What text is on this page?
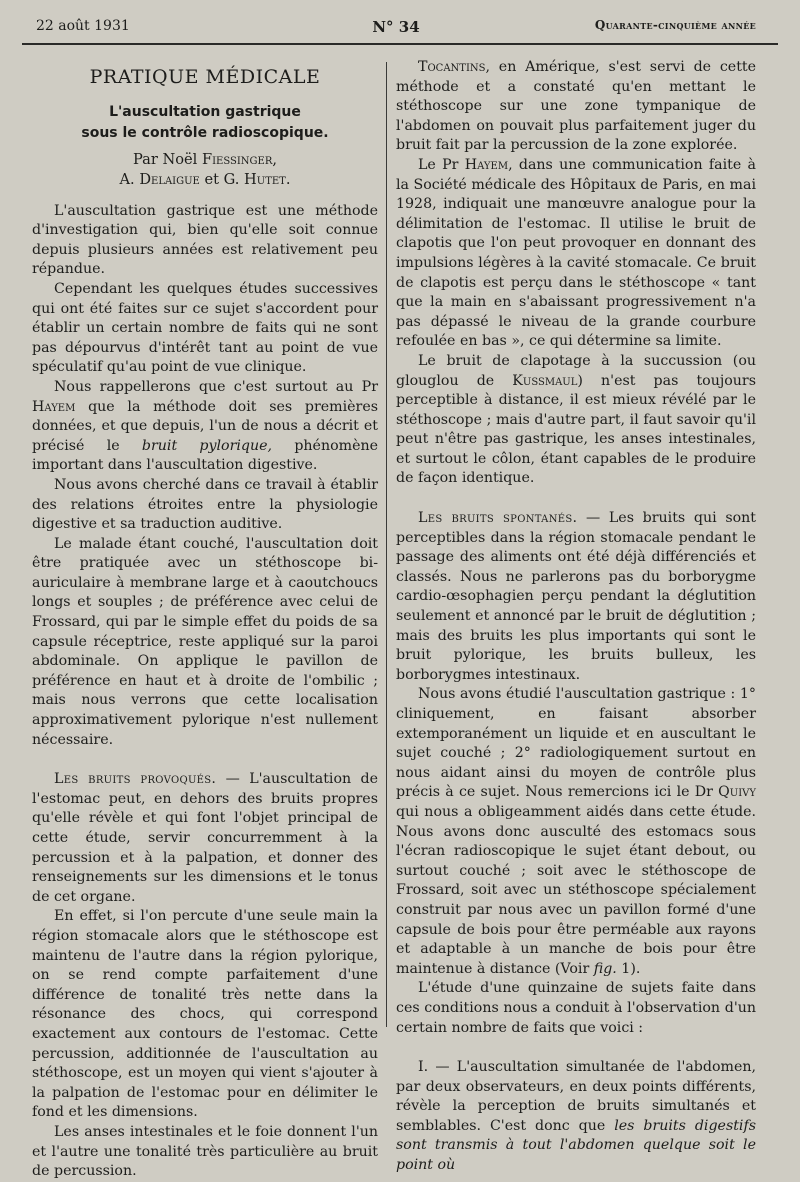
22 août 1931	N° 34	Quarante-cinquième année
PRATIQUE MÉDICALE
L'auscultation gastrique
sous le contrôle radioscopique.
Par Noël Fiessinger,
A. Delaigue et G. Hutet.

L'auscultation gastrique est une méthode d'investigation qui, bien qu'elle soit connue depuis plusieurs années est relativement peu répandue.

Cependant les quelques études successives qui ont été faites sur ce sujet s'accordent pour établir un certain nombre de faits qui ne sont pas dépourvus d'intérêt tant au point de vue spéculatif qu'au point de vue clinique.

Nous rappellerons que c'est surtout au Pr Hayem que la méthode doit ses premières données, et que depuis, l'un de nous a décrit et précisé le bruit pylorique, phénomène important dans l'auscultation digestive.

Nous avons cherché dans ce travail à établir des relations étroites entre la physiologie digestive et sa traduction auditive.

Le malade étant couché, l'auscultation doit être pratiquée avec un stéthoscope bi-auriculaire à membrane large et à caoutchoucs longs et souples ; de préférence avec celui de Frossard, qui par le simple effet du poids de sa capsule réceptrice, reste appliqué sur la paroi abdominale. On applique le pavillon de préférence en haut et à droite de l'ombilic ; mais nous verrons que cette localisation approximativement pylorique n'est nullement nécessaire.

Les bruits provoqués. — L'auscultation de l'estomac peut, en dehors des bruits propres qu'elle révèle et qui font l'objet principal de cette étude, servir concurremment à la percussion et à la palpation, et donner des renseignements sur les dimensions et le tonus de cet organe.

En effet, si l'on percute d'une seule main la région stomacale alors que le stéthoscope est maintenu de l'autre dans la région pylorique, on se rend compte parfaitement d'une différence de tonalité très nette dans la résonance des chocs, qui correspond exactement aux contours de l'estomac. Cette percussion, additionnée de l'auscultation au stéthoscope, est un moyen qui vient s'ajouter à la palpation de l'estomac pour en délimiter le fond et les dimensions.

Les anses intestinales et le foie donnent l'un et l'autre une tonalité très particulière au bruit de percussion.

Tocantins, en Amérique, s'est servi de cette méthode et a constaté qu'en mettant le stéthoscope sur une zone tympanique de l'abdomen on pouvait plus parfaitement juger du bruit fait par la percussion de la zone explorée.

Le Pr Hayem, dans une communication faite à la Société médicale des Hôpitaux de Paris, en mai 1928, indiquait une manœuvre analogue pour la délimitation de l'estomac. Il utilise le bruit de clapotis que l'on peut provoquer en donnant des impulsions légères à la cavité stomacale. Ce bruit de clapotis est perçu dans le stéthoscope « tant que la main en s'abaissant progressivement n'a pas dépassé le niveau de la grande courbure refoulée en bas », ce qui détermine sa limite.

Le bruit de clapotage à la succussion (ou glouglou de Kussmaul) n'est pas toujours perceptible à distance, il est mieux révélé par le stéthoscope ; mais d'autre part, il faut savoir qu'il peut n'être pas gastrique, les anses intestinales, et surtout le côlon, étant capables de le produire de façon identique.

Les bruits spontanés. — Les bruits qui sont perceptibles dans la région stomacale pendant le passage des aliments ont été déjà différenciés et classés. Nous ne parlerons pas du borborygme cardio-œsophagien perçu pendant la déglutition seulement et annoncé par le bruit de déglutition ; mais des bruits les plus importants qui sont le bruit pylorique, les bruits bulleux, les borborygmes intestinaux.

Nous avons étudié l'auscultation gastrique : 1° cliniquement, en faisant absorber extemporanément un liquide et en auscultant le sujet couché ; 2° radiologiquement surtout en nous aidant ainsi du moyen de contrôle plus précis à ce sujet. Nous remercions ici le Dr Quivy qui nous a obligeamment aidés dans cette étude. Nous avons donc ausculté des estomacs sous l'écran radioscopique le sujet étant debout, ou surtout couché ; soit avec le stéthoscope de Frossard, soit avec un stéthoscope spécialement construit par nous avec un pavillon formé d'une capsule de bois pour être perméable aux rayons et adaptable à un manche de bois pour être maintenue à distance (Voir fig. 1).

L'étude d'une quinzaine de sujets faite dans ces conditions nous a conduit à l'observation d'un certain nombre de faits que voici :

I. — L'auscultation simultanée de l'abdomen, par deux observateurs, en deux points différents, révèle la perception de bruits simultanés et semblables. C'est donc que les bruits digestifs sont transmis à tout l'abdomen quelque soit le point où
